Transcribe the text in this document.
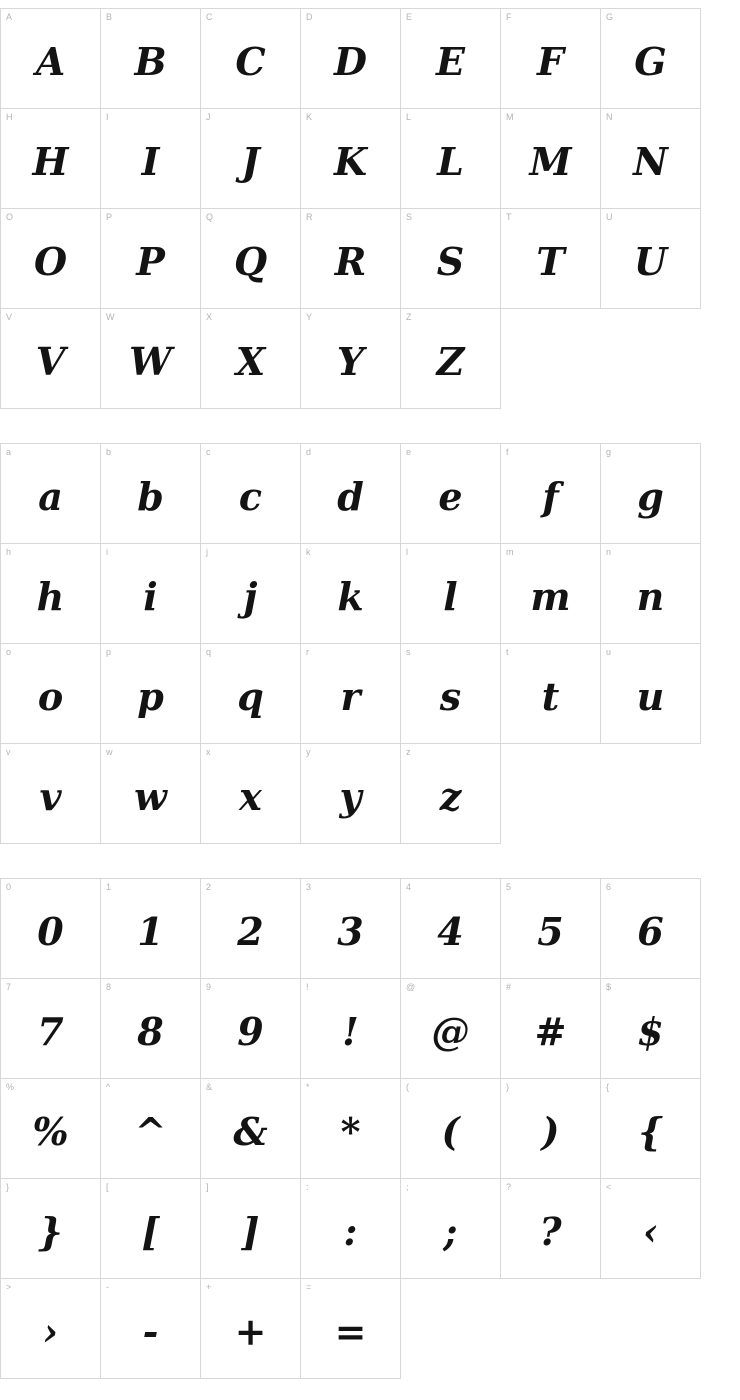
A
A
B
B
C
C
D
D
E
E
F
F
G
G
H
H
I
I
J
J
K
K
L
L
M
M
N
N
O
O
P
P
Q
Q
R
R
S
S
T
T
U
U
V
V
W
W
X
X
Y
Y
Z
Z
a
a
b
b
c
c
d
d
e
e
f
f
g
g
h
h
i
i
j
j
k
k
l
l
m
m
n
n
o
o
p
p
q
q
r
r
s
s
t
t
u
u
v
v
w
w
x
x
y
y
z
z
0
0
1
1
2
2
3
3
4
4
5
5
6
6
7
7
8
8
9
9
!
!
@
@
#
#
$
$
%
%
^
^
&
&
*
*
(
(
)
)
{
{
}
}
[
[
]
]
:
:
;
;
?
?
<
‹
>
›
-
-
+
+
=
=
